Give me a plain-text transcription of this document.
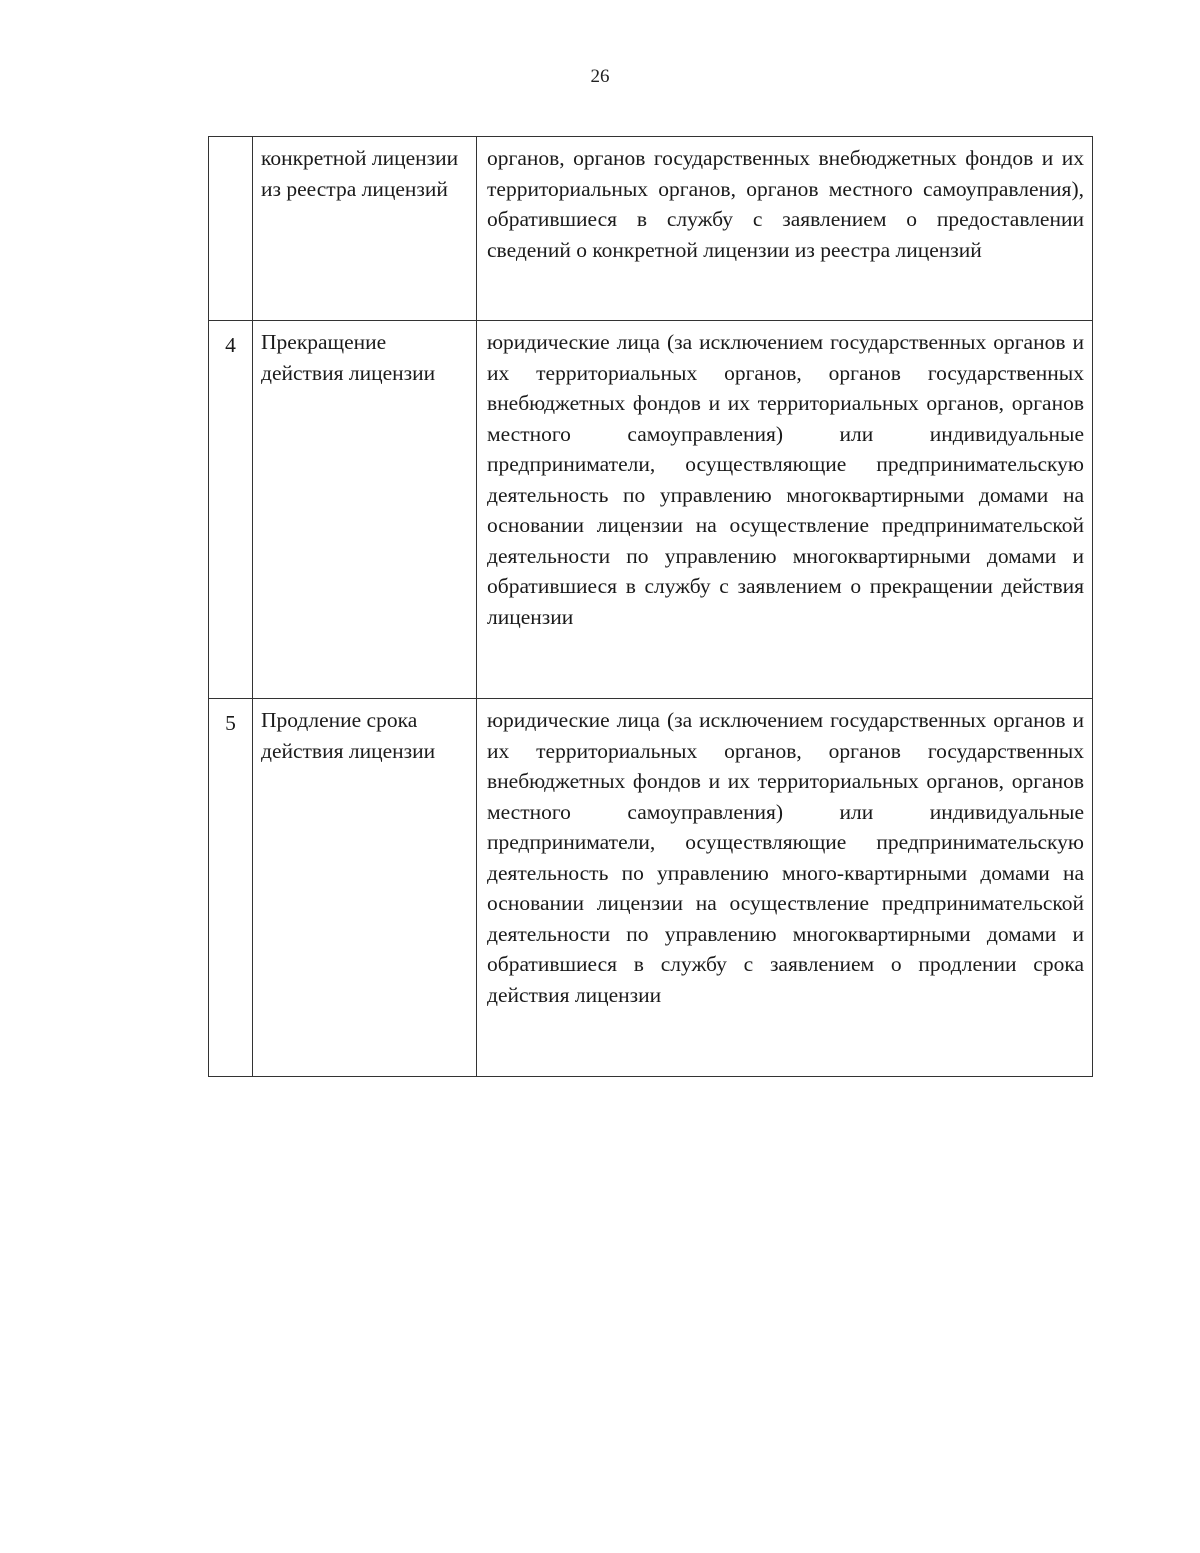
26
	конкретной лицензии из реестра лицензий	органов, органов государственных внебюджетных фондов и их территориальных органов, органов местного самоуправления), обратившиеся в службу с заявлением о предоставлении сведений о конкретной лицензии из реестра лицензий
4	Прекращение действия лицензии	юридические лица (за исключением государственных органов и их территориальных органов, органов государственных внебюджетных фондов и их территориальных органов, органов местного самоуправления) или индивидуальные предприниматели, осуществляющие предпринимательскую деятельность по управлению многоквартирными домами на основании лицензии на осуществление предпринимательской деятельности по управлению многоквартирными домами и обратившиеся в службу с заявлением о прекращении действия лицензии
5	Продление срока действия лицензии	юридические лица (за исключением государственных органов и их территориальных органов, органов государственных внебюджетных фондов и их территориальных органов, органов местного самоуправления) или индивидуальные предприниматели, осуществляющие предпринимательскую деятельность по управлению много-квартирными домами на основании лицензии на осуществление предпринимательской деятельности по управлению многоквартирными домами и обратившиеся в службу с заявлением о продлении срока действия лицензии
